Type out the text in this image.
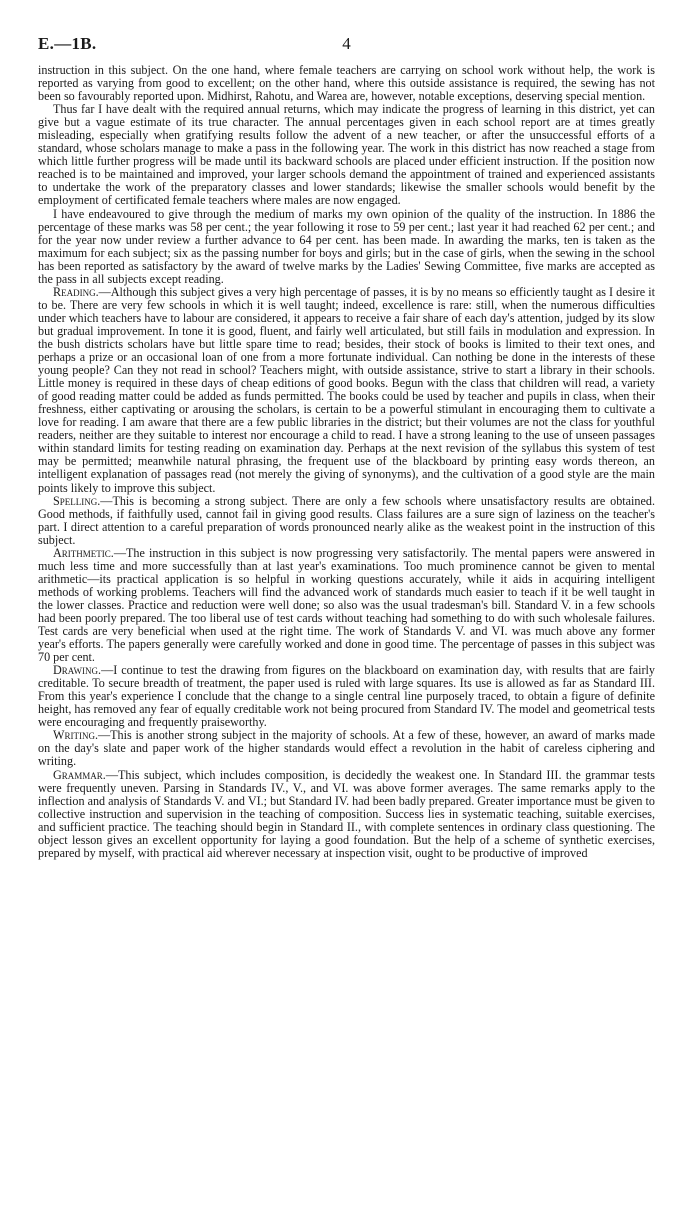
E.—1B.	4

instruction in this subject. On the one hand, where female teachers are carrying on school work without help, the work is reported as varying from good to excellent; on the other hand, where this outside assistance is required, the sewing has not been so favourably reported upon. Midhirst, Rahotu, and Warea are, however, notable exceptions, deserving special mention.

Thus far I have dealt with the required annual returns, which may indicate the progress of learning in this district, yet can give but a vague estimate of its true character. The annual percentages given in each school report are at times greatly misleading, especially when gratifying results follow the advent of a new teacher, or after the unsuccessful efforts of a standard, whose scholars manage to make a pass in the following year. The work in this district has now reached a stage from which little further progress will be made until its backward schools are placed under efficient instruction. If the position now reached is to be maintained and improved, your larger schools demand the appointment of trained and experienced assistants to undertake the work of the preparatory classes and lower standards; likewise the smaller schools would benefit by the employment of certificated female teachers where males are now engaged.

I have endeavoured to give through the medium of marks my own opinion of the quality of the instruction. In 1886 the percentage of these marks was 58 per cent.; the year following it rose to 59 per cent.; last year it had reached 62 per cent.; and for the year now under review a further advance to 64 per cent. has been made. In awarding the marks, ten is taken as the maximum for each subject; six as the passing number for boys and girls; but in the case of girls, when the sewing in the school has been reported as satisfactory by the award of twelve marks by the Ladies' Sewing Committee, five marks are accepted as the pass in all subjects except reading.

Reading.—Although this subject gives a very high percentage of passes, it is by no means so efficiently taught as I desire it to be. There are very few schools in which it is well taught; indeed, excellence is rare: still, when the numerous difficulties under which teachers have to labour are considered, it appears to receive a fair share of each day's attention, judged by its slow but gradual improvement. In tone it is good, fluent, and fairly well articulated, but still fails in modulation and expression. In the bush districts scholars have but little spare time to read; besides, their stock of books is limited to their text ones, and perhaps a prize or an occasional loan of one from a more fortunate individual. Can nothing be done in the interests of these young people? Can they not read in school? Teachers might, with outside assistance, strive to start a library in their schools. Little money is required in these days of cheap editions of good books. Begun with the class that children will read, a variety of good reading matter could be added as funds permitted. The books could be used by teacher and pupils in class, when their freshness, either captivating or arousing the scholars, is certain to be a powerful stimulant in encouraging them to cultivate a love for reading. I am aware that there are a few public libraries in the district; but their volumes are not the class for youthful readers, neither are they suitable to interest nor encourage a child to read. I have a strong leaning to the use of unseen passages within standard limits for testing reading on examination day. Perhaps at the next revision of the syllabus this system of test may be permitted; meanwhile natural phrasing, the frequent use of the blackboard by printing easy words thereon, an intelligent explanation of passages read (not merely the giving of synonyms), and the cultivation of a good style are the main points likely to improve this subject.

Spelling.—This is becoming a strong subject. There are only a few schools where unsatisfactory results are obtained. Good methods, if faithfully used, cannot fail in giving good results. Class failures are a sure sign of laziness on the teacher's part. I direct attention to a careful preparation of words pronounced nearly alike as the weakest point in the instruction of this subject.

Arithmetic.—The instruction in this subject is now progressing very satisfactorily. The mental papers were answered in much less time and more successfully than at last year's examinations. Too much prominence cannot be given to mental arithmetic—its practical application is so helpful in working questions accurately, while it aids in acquiring intelligent methods of working problems. Teachers will find the advanced work of standards much easier to teach if it be well taught in the lower classes. Practice and reduction were well done; so also was the usual tradesman's bill. Standard V. in a few schools had been poorly prepared. The too liberal use of test cards without teaching had something to do with such wholesale failures. Test cards are very beneficial when used at the right time. The work of Standards V. and VI. was much above any former year's efforts. The papers generally were carefully worked and done in good time. The percentage of passes in this subject was 70 per cent.

Drawing.—I continue to test the drawing from figures on the blackboard on examination day, with results that are fairly creditable. To secure breadth of treatment, the paper used is ruled with large squares. Its use is allowed as far as Standard III. From this year's experience I conclude that the change to a single central line purposely traced, to obtain a figure of definite height, has removed any fear of equally creditable work not being procured from Standard IV. The model and geometrical tests were encouraging and frequently praiseworthy.

Writing.—This is another strong subject in the majority of schools. At a few of these, however, an award of marks made on the day's slate and paper work of the higher standards would effect a revolution in the habit of careless ciphering and writing.

Grammar.—This subject, which includes composition, is decidedly the weakest one. In Standard III. the grammar tests were frequently uneven. Parsing in Standards IV., V., and VI. was above former averages. The same remarks apply to the inflection and analysis of Standards V. and VI.; but Standard IV. had been badly prepared. Greater importance must be given to collective instruction and supervision in the teaching of composition. Success lies in systematic teaching, suitable exercises, and sufficient practice. The teaching should begin in Standard II., with complete sentences in ordinary class questioning. The object lesson gives an excellent opportunity for laying a good foundation. But the help of a scheme of synthetic exercises, prepared by myself, with practical aid wherever necessary at inspection visit, ought to be productive of improved
